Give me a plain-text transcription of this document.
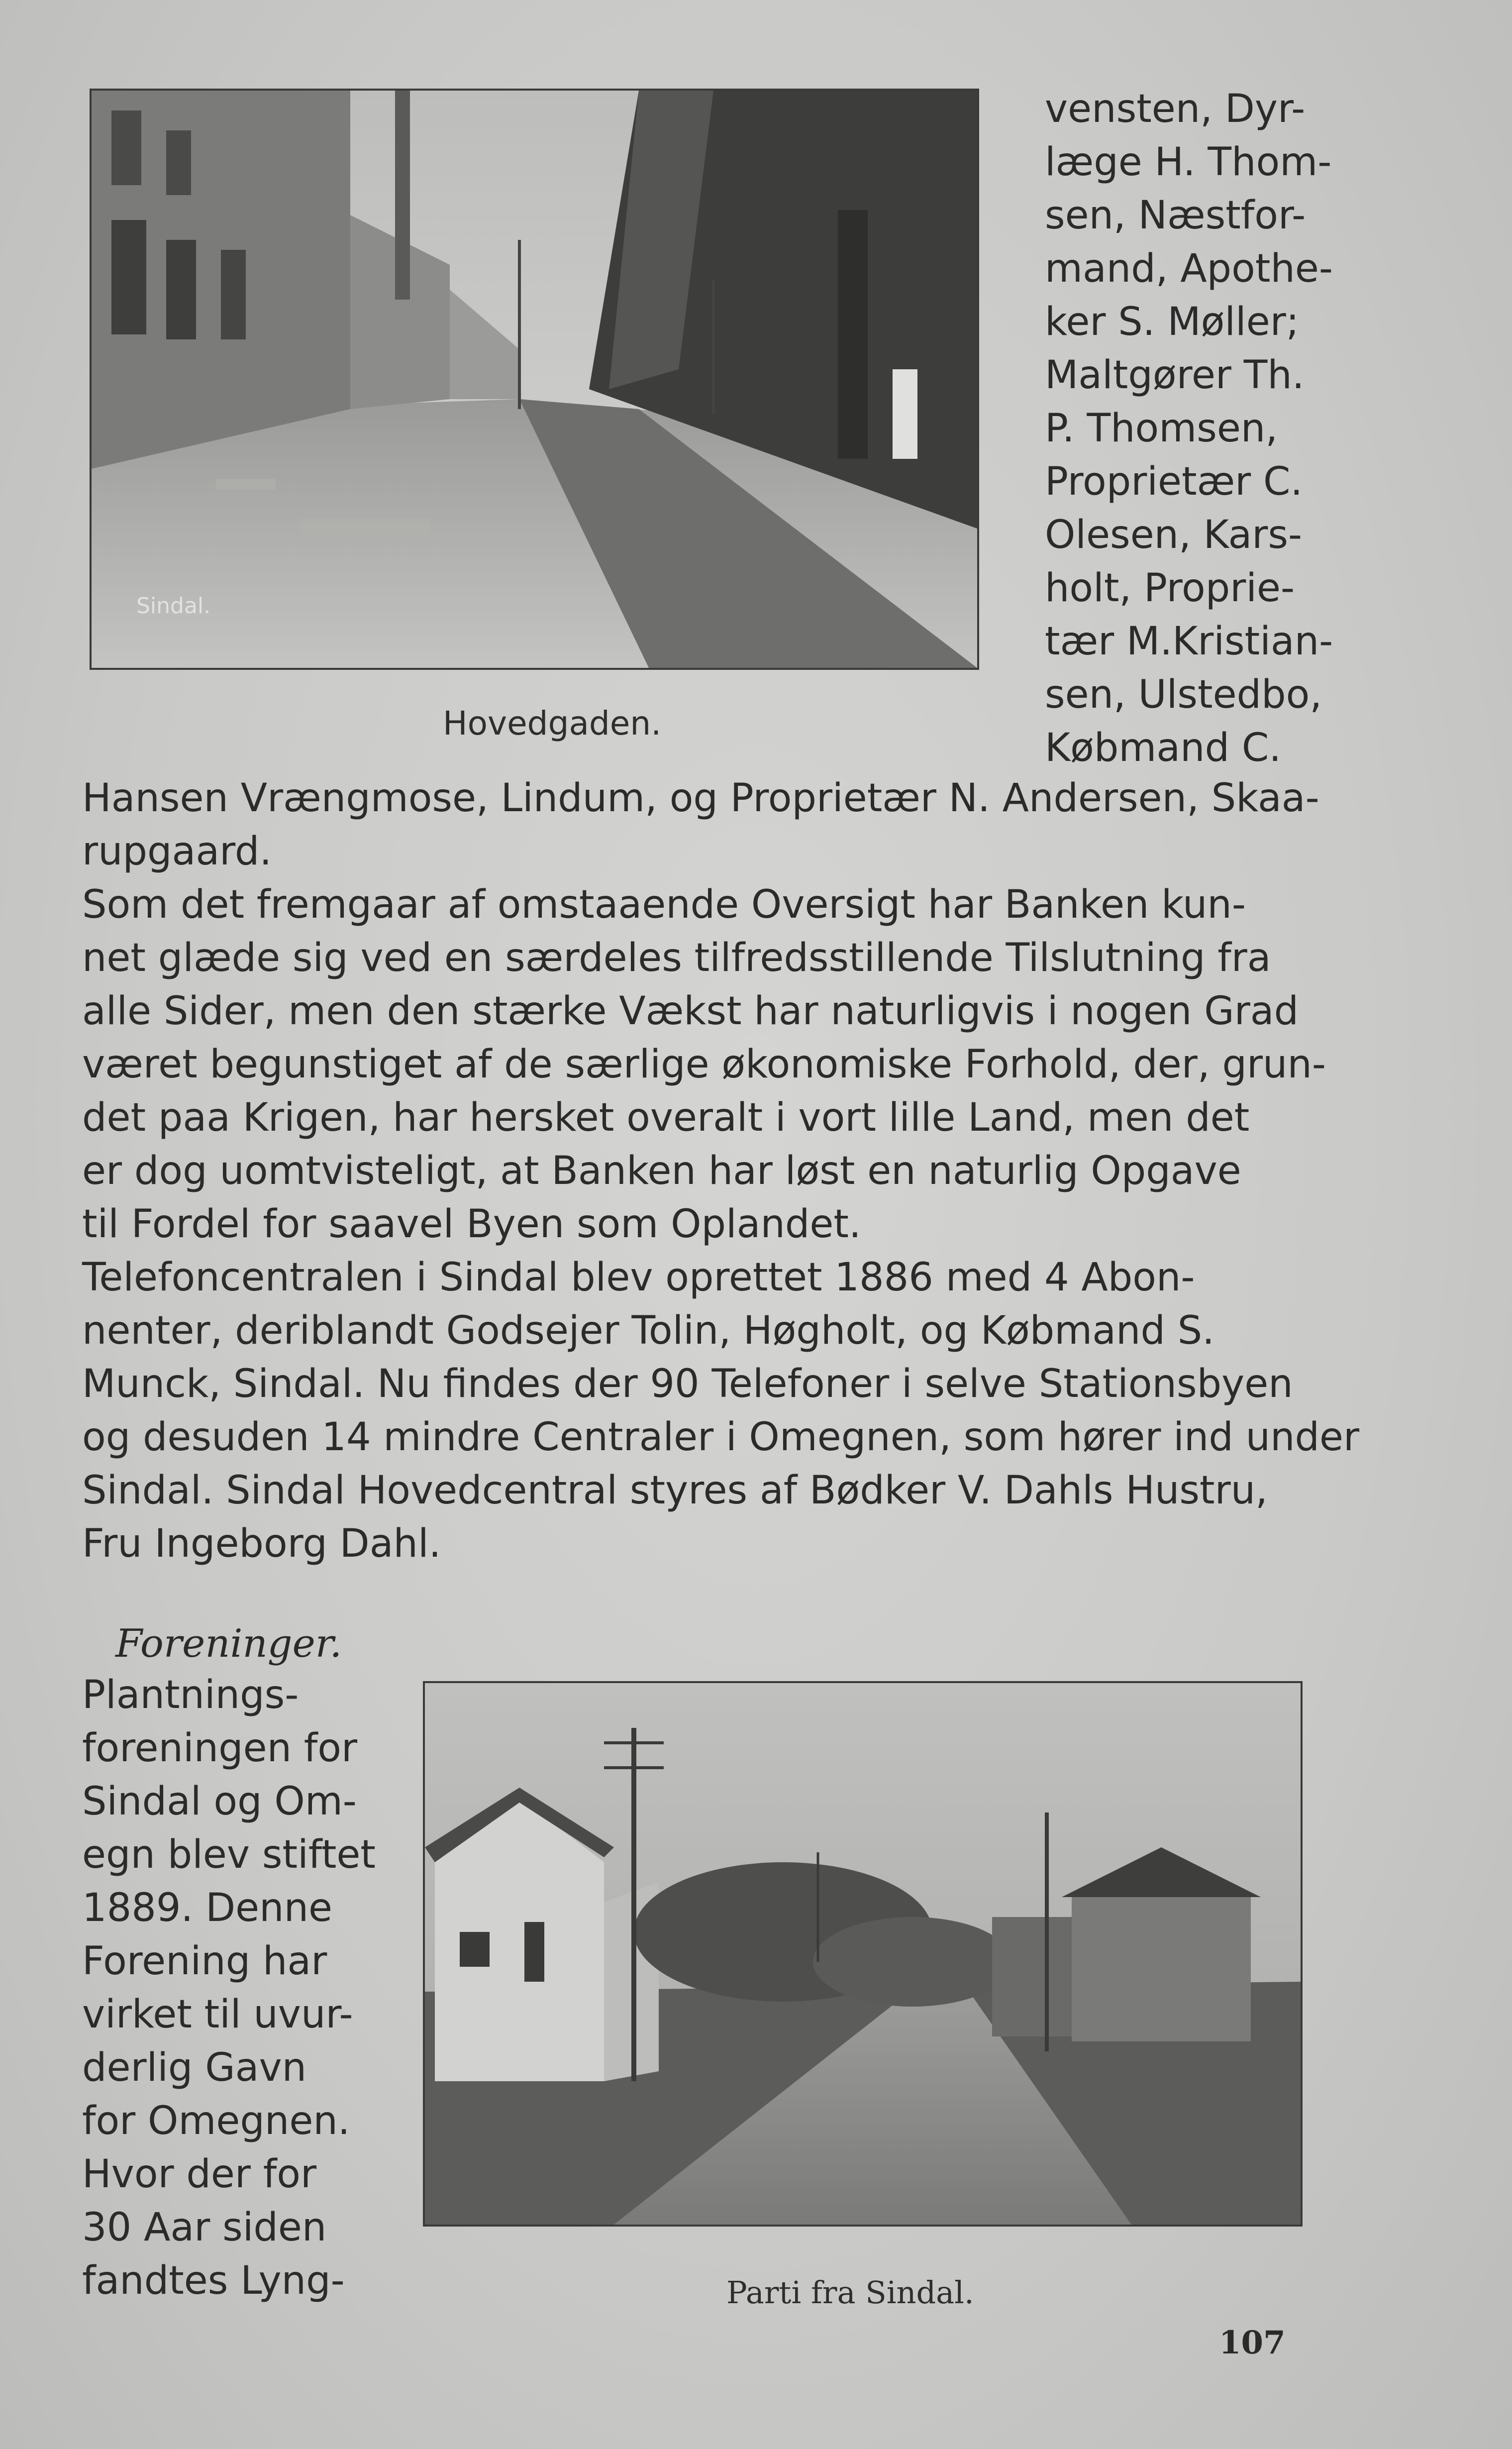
Sindal.
Hovedgaden.
vensten, Dyr-
læge H. Thom-
sen, Næstfor-
mand, Apothe-
ker S. Møller;
Maltgører Th.
P. Thomsen,
Proprietær C.
Olesen, Kars-
holt, Proprie-
tær M.Kristian-
sen, Ulstedbo,
Købmand C.
Hansen Vrængmose, Lindum, og Proprietær N. Andersen, Skaa-
rupgaard.
Som det fremgaar af omstaaende Oversigt har Banken kun-
net glæde sig ved en særdeles tilfredsstillende Tilslutning fra
alle Sider, men den stærke Vækst har naturligvis i nogen Grad
været begunstiget af de særlige økonomiske Forhold, der, grun-
det paa Krigen, har hersket overalt i vort lille Land, men det
er dog uomtvisteligt, at Banken har løst en naturlig Opgave
til Fordel for saavel Byen som Oplandet.
Telefoncentralen i Sindal blev oprettet 1886 med 4 Abon-
nenter, deriblandt Godsejer Tolin, Høgholt, og Købmand S.
Munck, Sindal. Nu findes der 90 Telefoner i selve Stationsbyen
og desuden 14 mindre Centraler i Omegnen, som hører ind under
Sindal. Sindal Hovedcentral styres af Bødker V. Dahls Hustru,
Fru Ingeborg Dahl.
Foreninger.
Plantnings-
foreningen for
Sindal og Om-
egn blev stiftet
1889. Denne
Forening har
virket til uvur-
derlig Gavn
for Omegnen.
Hvor der for
30 Aar siden
fandtes Lyng-	Parti fra Sindal.
107
